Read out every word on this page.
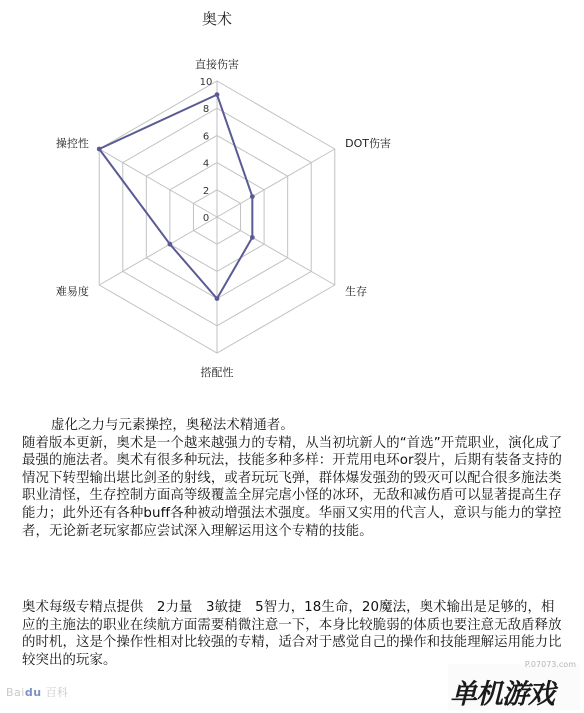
奥术
0
2
4
6
8
10
直接伤害
DOT伤害
生存
搭配性
难易度
操控性

虚化之力与元素操控，奥秘法术精通者。

随着版本更新，奥术是一个越来越强力的专精，从当初坑新人的“首选”开荒职业，演化成了最强的施法者。奥术有很多种玩法，技能多种多样：开荒用电环or裂片，后期有装备支持的情况下转型输出堪比剑圣的射线，或者玩玩飞弹，群体爆发强劲的毁灭可以配合很多施法类职业清怪，生存控制方面高等级覆盖全屏完虐小怪的冰环，无敌和减伤盾可以显著提高生存能力；此外还有各种buff各种被动增强法术强度。华丽又实用的代言人，意识与能力的掌控者，无论新老玩家都应尝试深入理解运用这个专精的技能。

奥术每级专精点提供　2力量　3敏捷　5智力，18生命，20魔法，奥术输出是足够的，相应的主施法的职业在续航方面需要稍微注意一下，本身比较脆弱的体质也要注意无敌盾释放的时机，这是个操作性相对比较强的专精，适合对于感觉自己的操作和技能理解运用能力比较突出的玩家。

Baidu 百科
P.07073.com
单机游戏
